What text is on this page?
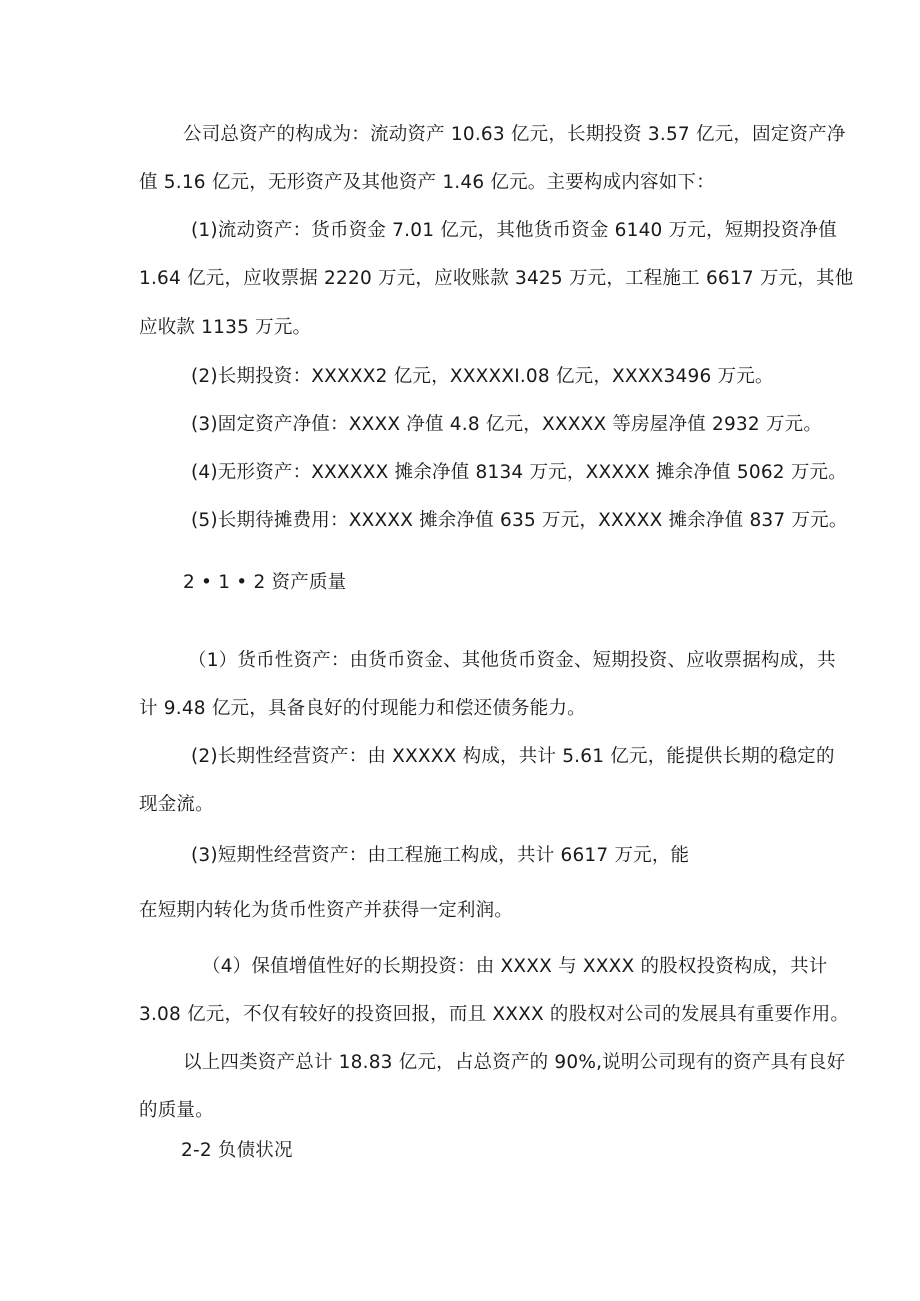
公司总资产的构成为：流动资产 10.63 亿元，长期投资 3.57 亿元，固定资产净
值 5.16 亿元，无形资产及其他资产 1.46 亿元。主要构成内容如下：
(1)流动资产：货币资金 7.01 亿元，其他货币资金 6140 万元，短期投资净值
1.64 亿元，应收票据 2220 万元，应收账款 3425 万元，工程施工 6617 万元，其他
应收款 1135 万元。
(2)长期投资：XXXXX2 亿元，XXXXXI.08 亿元，XXXX3496 万元。
(3)固定资产净值：XXXX 净值 4.8 亿元，XXXXX 等房屋净值 2932 万元。
(4)无形资产：XXXXXX 摊余净值 8134 万元，XXXXX 摊余净值 5062 万元。
(5)长期待摊费用：XXXXX 摊余净值 635 万元，XXXXX 摊余净值 837 万元。
2 • 1 • 2 资产质量
（1）货币性资产：由货币资金、其他货币资金、短期投资、应收票据构成，共
计 9.48 亿元，具备良好的付现能力和偿还债务能力。
(2)长期性经营资产：由 XXXXX 构成，共计 5.61 亿元，能提供长期的稳定的
现金流。
(3)短期性经营资产：由工程施工构成，共计 6617 万元，能
在短期内转化为货币性资产并获得一定利润。
（4）保值增值性好的长期投资：由 XXXX 与 XXXX 的股权投资构成，共计
3.08 亿元，不仅有较好的投资回报，而且 XXXX 的股权对公司的发展具有重要作用。
以上四类资产总计 18.83 亿元，占总资产的 90%,说明公司现有的资产具有良好
的质量。
2-2 负债状况
